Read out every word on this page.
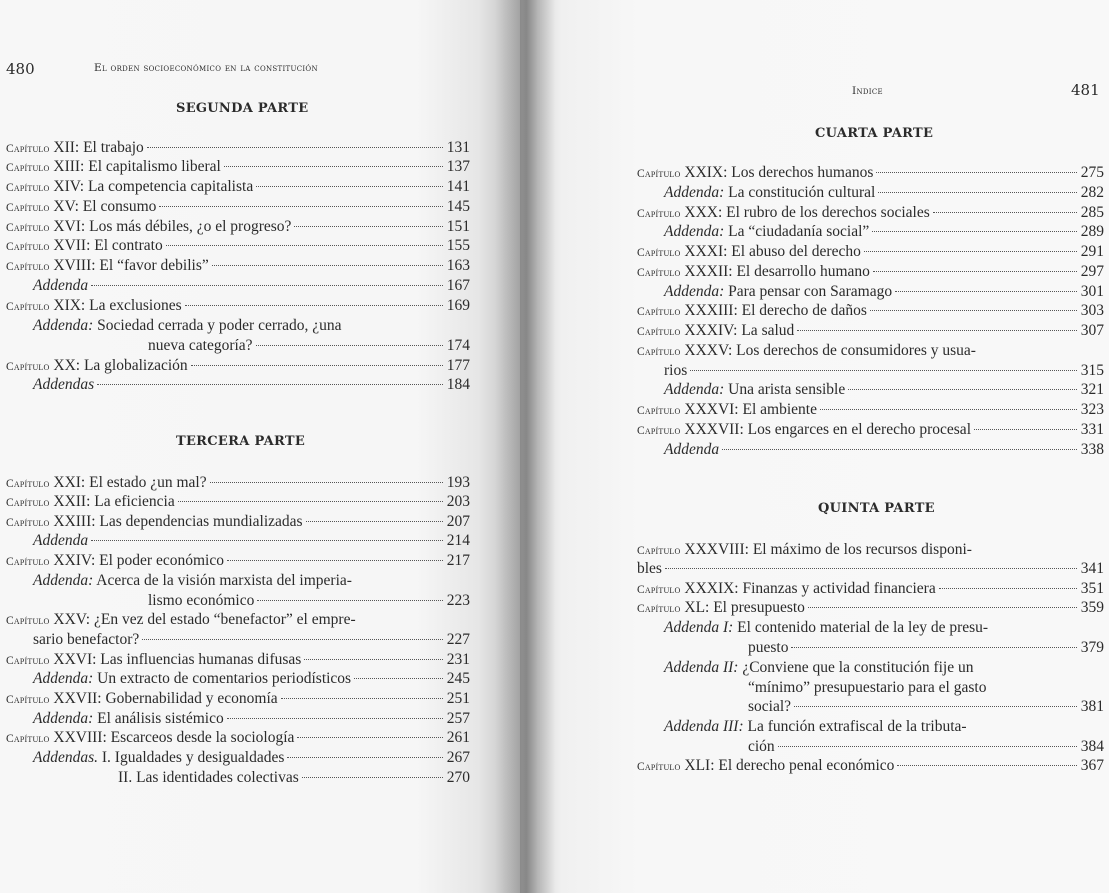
480	El orden socioeconómico en la constitución
SEGUNDA PARTE
Capítulo XII: El trabajo	131
Capítulo XIII: El capitalismo liberal	137
Capítulo XIV: La competencia capitalista	141
Capítulo XV: El consumo	145
Capítulo XVI: Los más débiles, ¿o el progreso?	151
Capítulo XVII: El contrato	155
Capítulo XVIII: El “favor debilis”	163
Addenda	167
Capítulo XIX: La exclusiones	169
Addenda: Sociedad cerrada y poder cerrado, ¿una
nueva categoría?	174
Capítulo XX: La globalización	177
Addendas	184
TERCERA PARTE
Capítulo XXI: El estado ¿un mal?	193
Capítulo XXII: La eficiencia	203
Capítulo XXIII: Las dependencias mundializadas	207
Addenda	214
Capítulo XXIV: El poder económico	217
Addenda: Acerca de la visión marxista del imperia-
lismo económico	223
Capítulo XXV: ¿En vez del estado “benefactor” el empre-
sario benefactor?	227
Capítulo XXVI: Las influencias humanas difusas	231
Addenda: Un extracto de comentarios periodísticos	245
Capítulo XXVII: Gobernabilidad y economía	251
Addenda: El análisis sistémico	257
Capítulo XXVIII: Escarceos desde la sociología	261
Addendas. I. Igualdades y desigualdades	267
II. Las identidades colectivas	270
Indice	481
CUARTA PARTE
Capítulo XXIX: Los derechos humanos	275
Addenda: La constitución cultural	282
Capítulo XXX: El rubro de los derechos sociales	285
Addenda: La “ciudadanía social”	289
Capítulo XXXI: El abuso del derecho	291
Capítulo XXXII: El desarrollo humano	297
Addenda: Para pensar con Saramago	301
Capítulo XXXIII: El derecho de daños	303
Capítulo XXXIV: La salud	307
Capítulo XXXV: Los derechos de consumidores y usua-
rios	315
Addenda: Una arista sensible	321
Capítulo XXXVI: El ambiente	323
Capítulo XXXVII: Los engarces en el derecho procesal	331
Addenda	338
QUINTA PARTE
Capítulo XXXVIII: El máximo de los recursos disponi-
bles	341
Capítulo XXXIX: Finanzas y actividad financiera	351
Capítulo XL: El presupuesto	359
Addenda I: El contenido material de la ley de presu-
puesto	379
Addenda II: ¿Conviene que la constitución fije un
“mínimo” presupuestario para el gasto
social?	381
Addenda III: La función extrafiscal de la tributa-
ción	384
Capítulo XLI: El derecho penal económico	367
